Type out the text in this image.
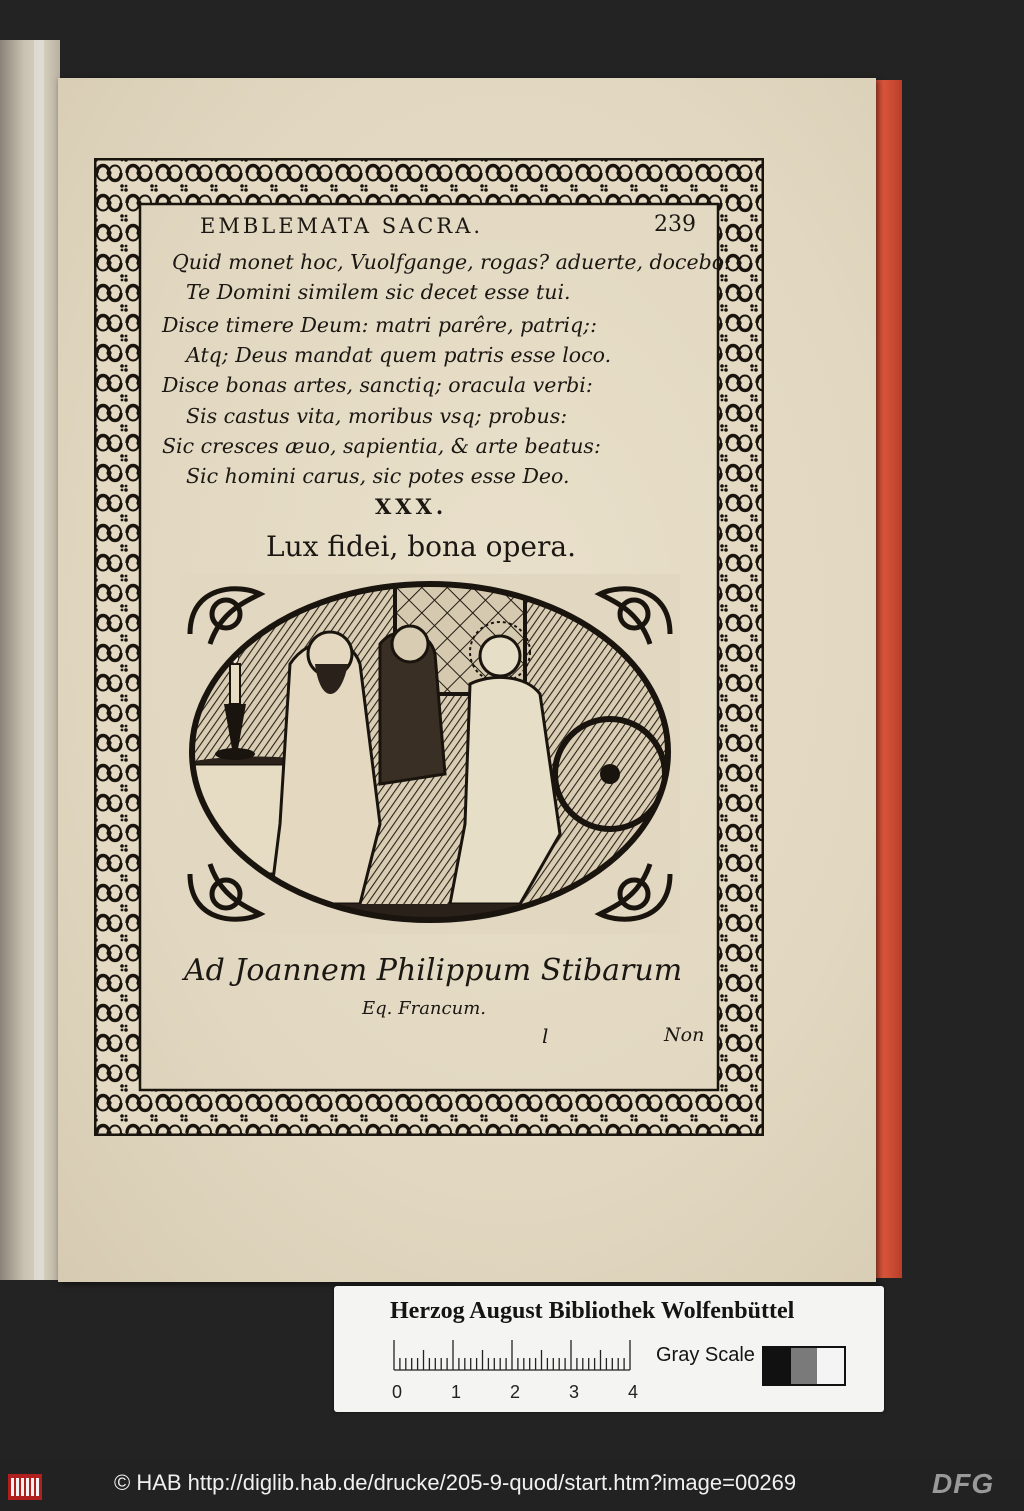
EMBLEMATA SACRA.	239
Quid monet hoc, Vuolfgange, rogas? aduerte, docebo:
Te Domini similem sic decet esse tui.
Disce timere Deum: matri parêre, patriq;:
Atq; Deus mandat quem patris esse loco.
Disce bonas artes, sanctiq; oracula verbi:
Sis castus vita, moribus vsq; probus:
Sic cresces æuo, sapientia, & arte beatus:
Sic homini carus, sic potes esse Deo.
XXX.
Lux fidei, bona opera.
Ad Joannem Philippum Stibarum
Eq. Francum.
l	Non
Herzog August Bibliothek Wolfenbüttel
0	1	2	3	4
Gray Scale
© HAB http://diglib.hab.de/drucke/205-9-quod/start.htm?image=00269	DFG
